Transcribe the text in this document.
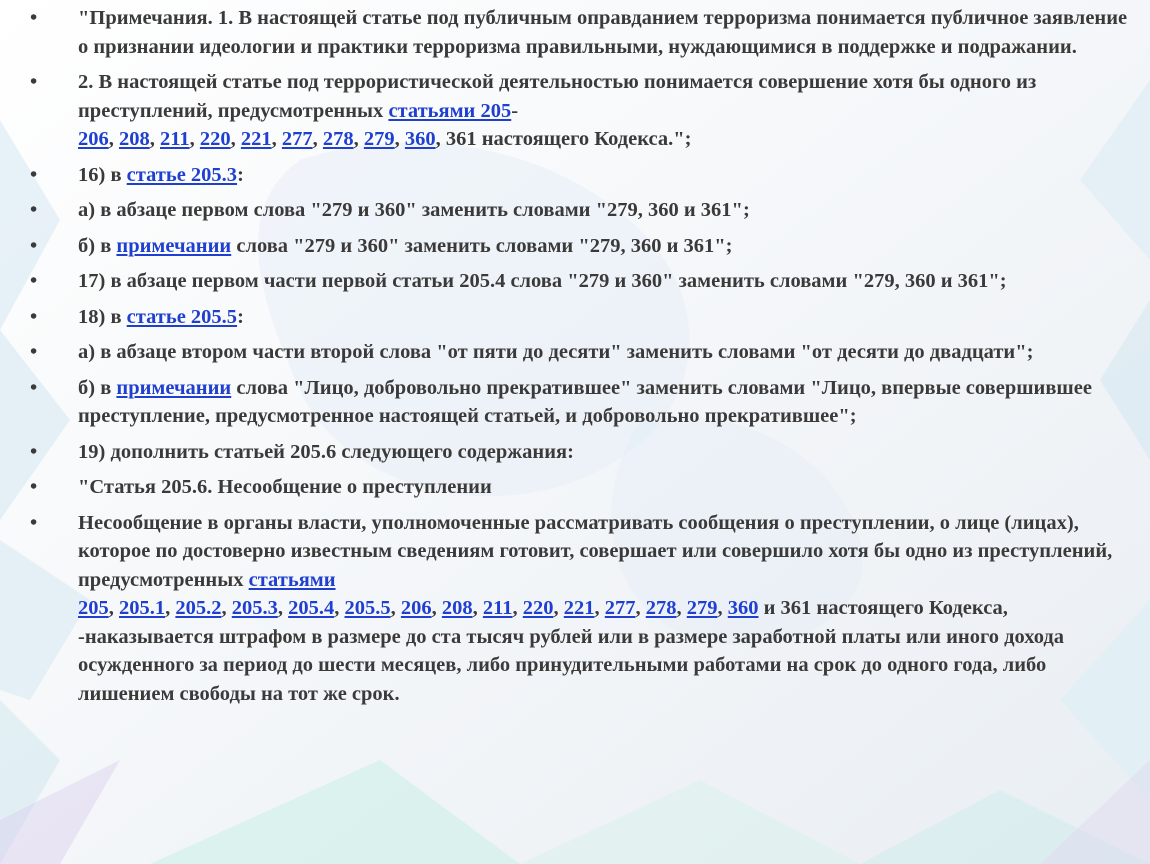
•	"Примечания. 1. В настоящей статье под публичным оправданием терроризма понимается публичное заявление о признании идеологии и практики терроризма правильными, нуждающимися в поддержке и подражании.
•	2. В настоящей статье под террористической деятельностью понимается совершение хотя бы одного из преступлений, предусмотренных статьями 205-
206, 208, 211, 220, 221, 277, 278, 279, 360, 361 настоящего Кодекса.";
•	16) в статье 205.3:
•	а) в абзаце первом слова "279 и 360" заменить словами "279, 360 и 361";
•	б) в примечании слова "279 и 360" заменить словами "279, 360 и 361";
•	17) в абзаце первом части первой статьи 205.4 слова "279 и 360" заменить словами "279, 360 и 361";
•	18) в статье 205.5:
•	а) в абзаце втором части второй слова "от пяти до десяти" заменить словами "от десяти до двадцати";
•	б) в примечании слова "Лицо, добровольно прекратившее" заменить словами "Лицо, впервые совершившее преступление, предусмотренное настоящей статьей, и добровольно прекратившее";
•	19) дополнить статьей 205.6 следующего содержания:
•	"Статья 205.6. Несообщение о преступлении
•	Несообщение в органы власти, уполномоченные рассматривать сообщения о преступлении, о лице (лицах), которое по достоверно известным сведениям готовит, совершает или совершило хотя бы одно из преступлений, предусмотренных статьями
205, 205.1, 205.2, 205.3, 205.4, 205.5, 206, 208, 211, 220, 221, 277, 278, 279, 360 и 361 настоящего Кодекса, -наказывается штрафом в размере до ста тысяч рублей или в размере заработной платы или иного дохода осужденного за период до шести месяцев, либо принудительными работами на срок до одного года, либо лишением свободы на тот же срок.
